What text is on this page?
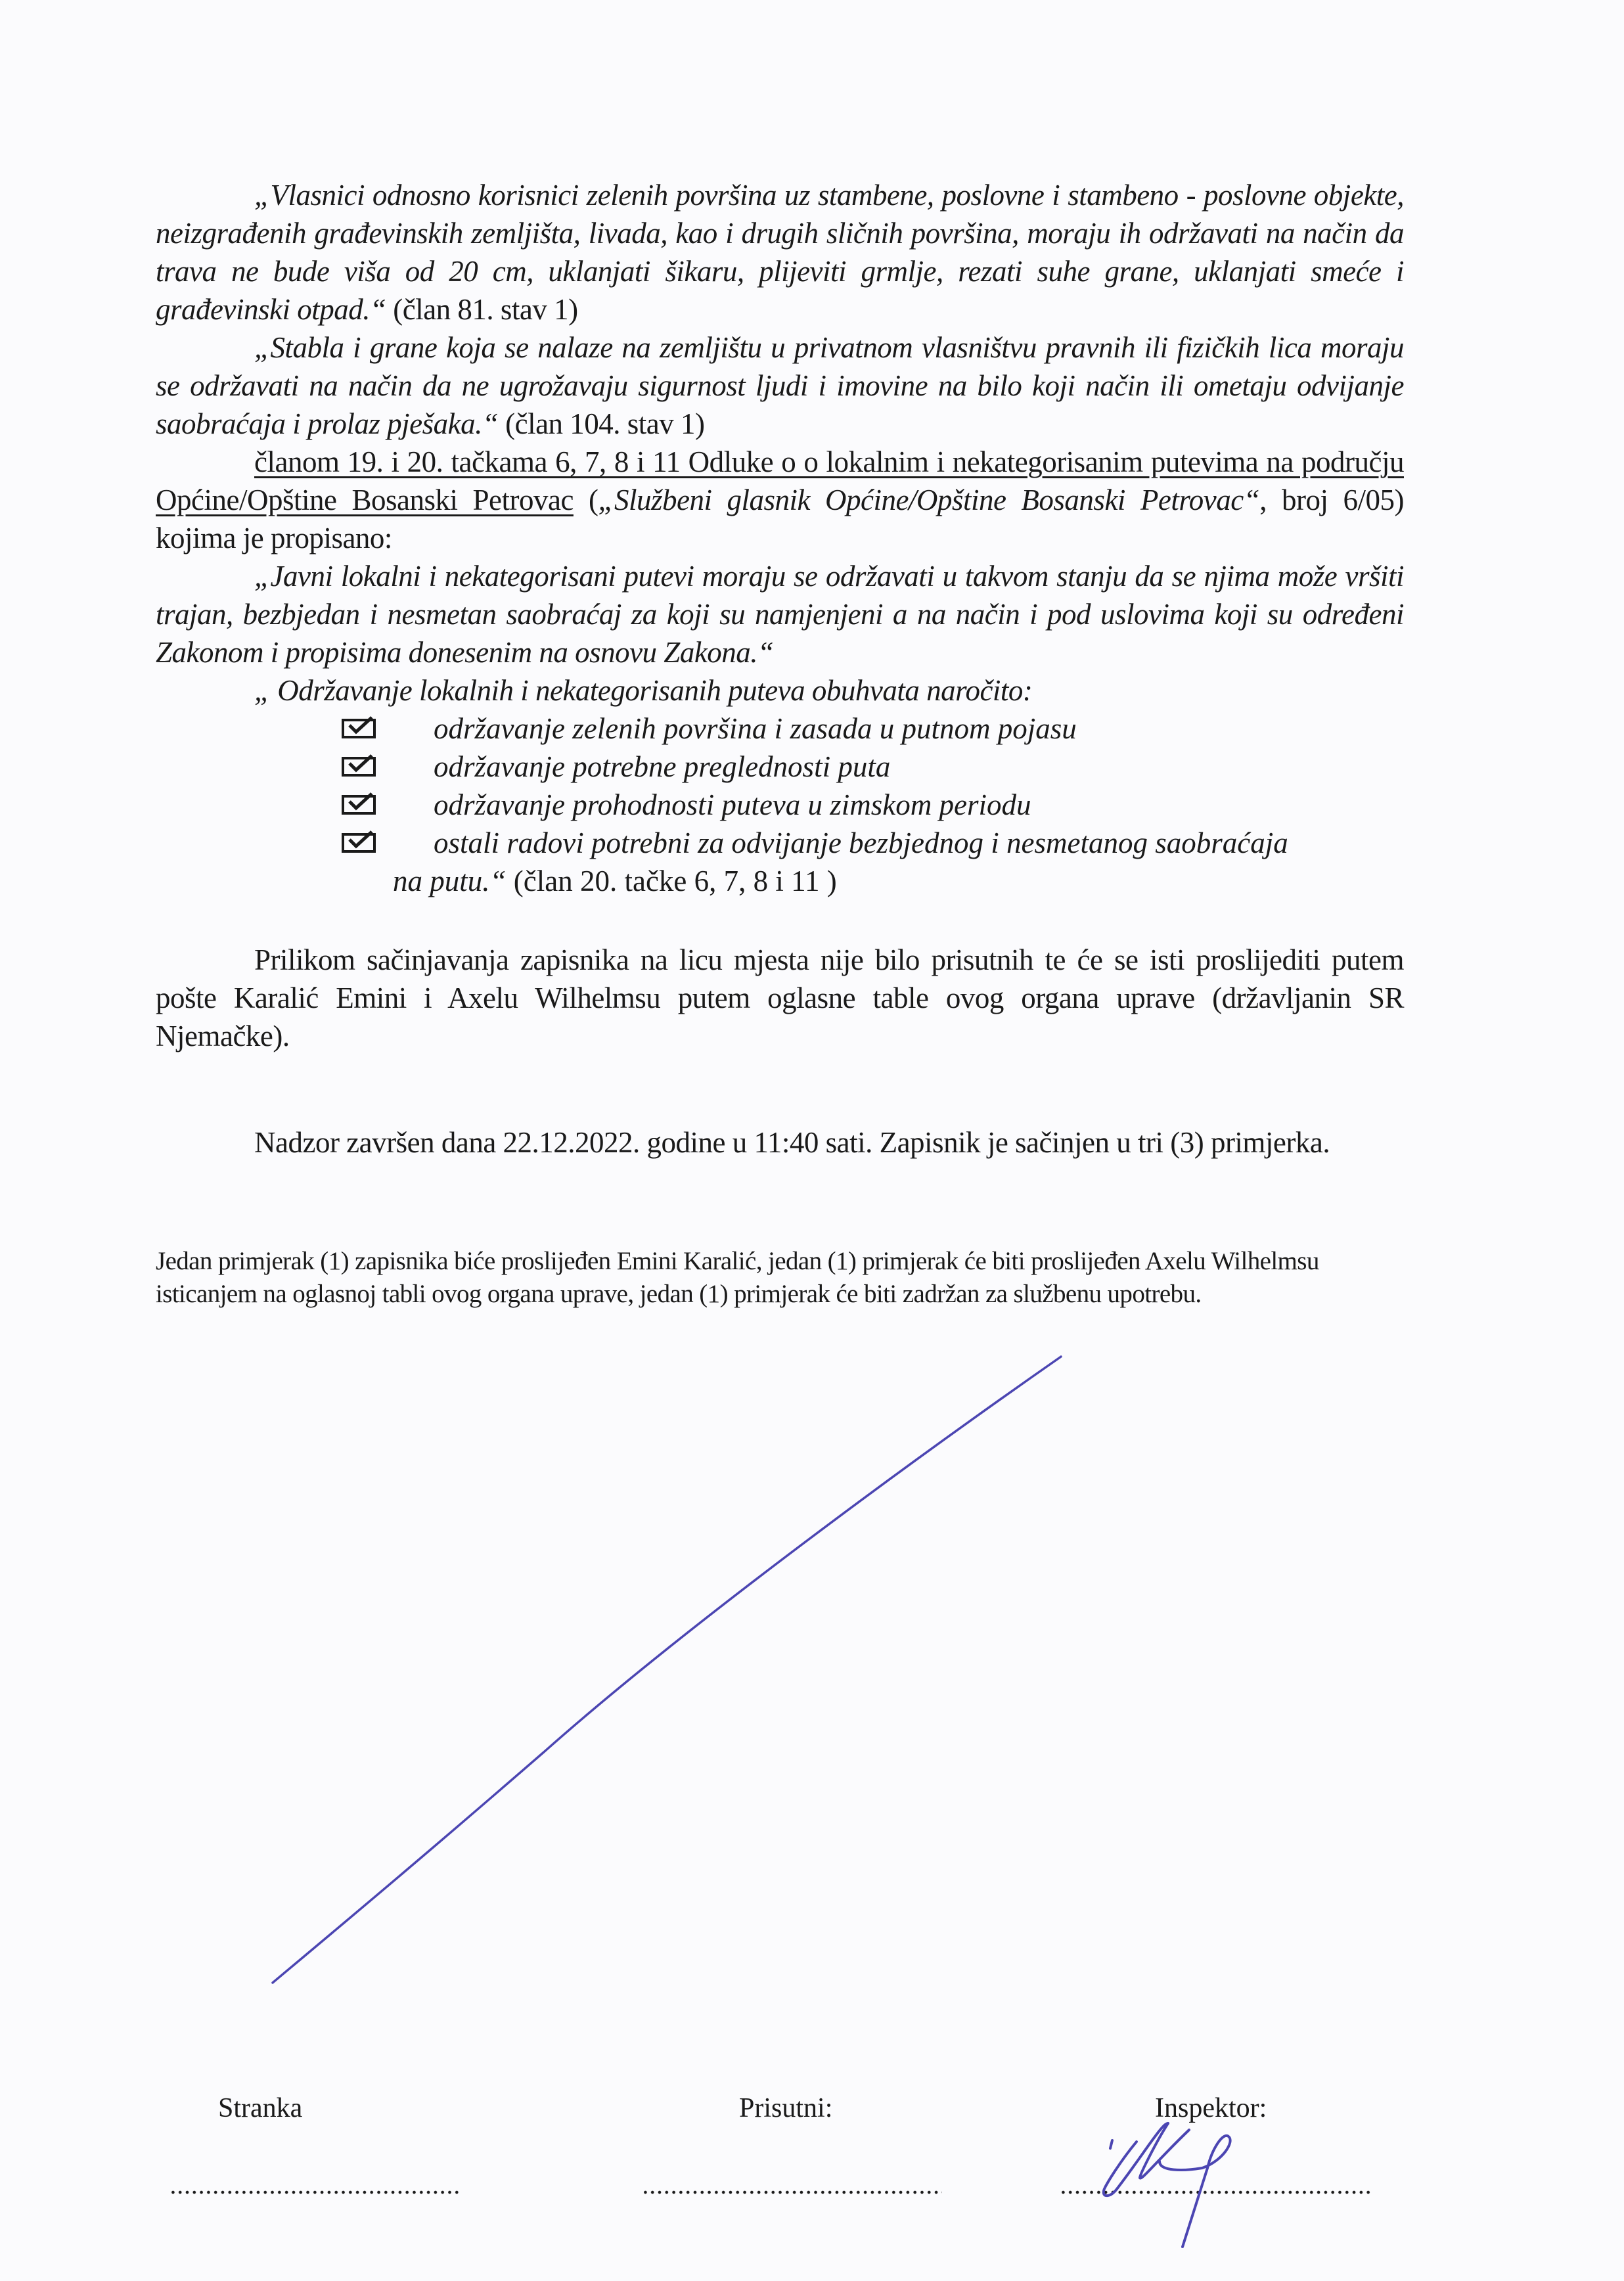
„Vlasnici odnosno korisnici zelenih površina uz stambene, poslovne i stambeno - poslovne objekte, neizgrađenih građevinskih zemljišta, livada, kao i drugih sličnih površina, moraju ih održavati na način da trava ne bude viša od 20 cm, uklanjati šikaru, plijeviti grmlje, rezati suhe grane, uklanjati smeće i građevinski otpad.“ (član 81. stav 1)
„Stabla i grane koja se nalaze na zemljištu u privatnom vlasništvu pravnih ili fizičkih lica moraju se održavati na način da ne ugrožavaju sigurnost ljudi i imovine na bilo koji način ili ometaju odvijanje saobraćaja i prolaz pješaka.“ (član 104. stav 1)
članom 19. i 20. tačkama 6, 7, 8 i 11 Odluke o o lokalnim i nekategorisanim putevima na području Općine/Opštine Bosanski Petrovac („Službeni glasnik Općine/Opštine Bosanski Petrovac“, broj 6/05) kojima je propisano:
„Javni lokalni i nekategorisani putevi moraju se održavati u takvom stanju da se njima može vršiti trajan, bezbjedan i nesmetan saobraćaj za koji su namjenjeni a na način i pod uslovima koji su određeni Zakonom i propisima donesenim na osnovu Zakona.“
„ Održavanje lokalnih i nekategorisanih puteva obuhvata naročito:
održavanje zelenih površina i zasada u putnom pojasu
održavanje potrebne preglednosti puta
održavanje prohodnosti puteva u zimskom periodu
ostali radovi potrebni za odvijanje bezbjednog i nesmetanog saobraćaja
na putu.“ (član 20. tačke 6, 7, 8 i 11 )
Prilikom sačinjavanja zapisnika na licu mjesta nije bilo prisutnih te će se isti proslijediti putem pošte Karalić Emini i Axelu Wilhelmsu putem oglasne table ovog organa uprave (državljanin SR Njemačke).
Nadzor završen dana 22.12.2022. godine u 11:40 sati. Zapisnik je sačinjen u tri (3) primjerka.
Jedan primjerak (1) zapisnika biće proslijeđen Emini Karalić, jedan (1) primjerak će biti proslijeđen Axelu Wilhelmsu isticanjem na oglasnoj tabli ovog organa uprave, jedan (1) primjerak će biti zadržan za službenu upotrebu.
Stranka	Prisutni:	Inspektor:
